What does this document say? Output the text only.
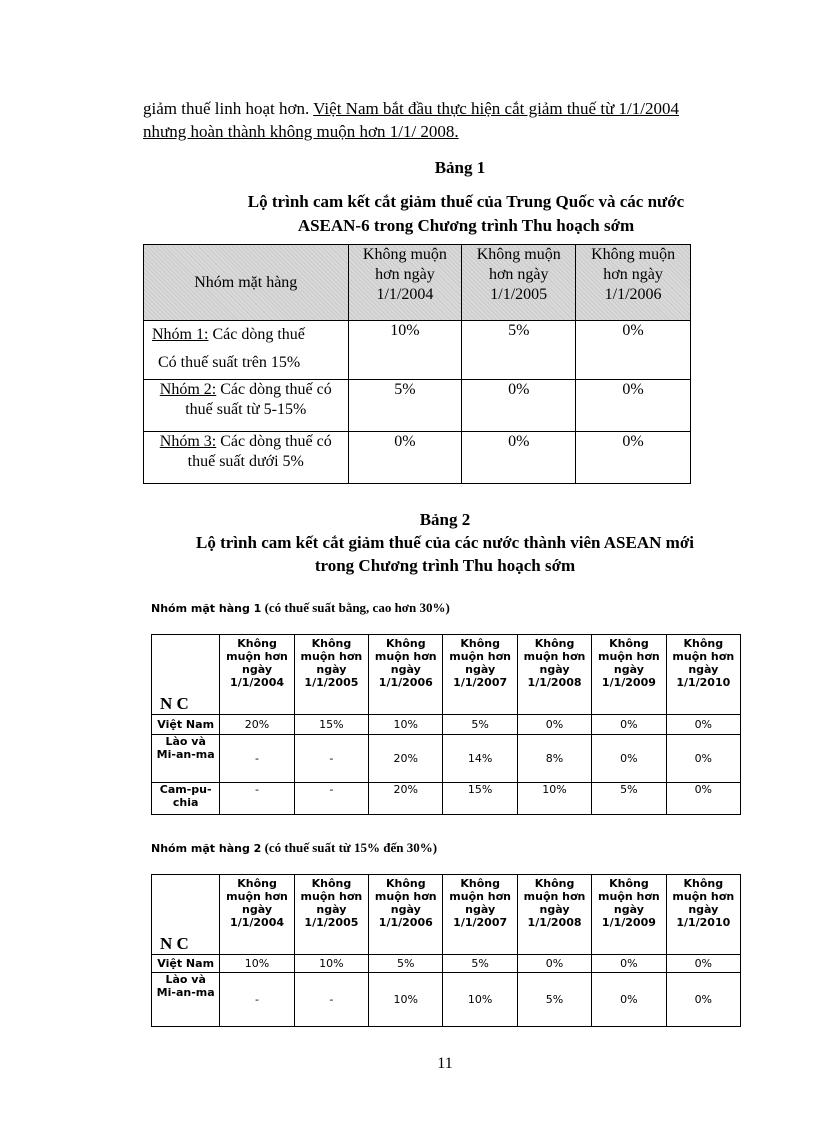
giảm thuế linh hoạt hơn. Việt Nam bắt đầu thực hiện cắt giảm thuế từ 1/1/2004
nhưng hoàn thành không muộn hơn 1/1/ 2008.
Bảng 1
Lộ trình cam kết cắt giảm thuế của Trung Quốc và các nước
ASEAN-6 trong Chương trình Thu hoạch sớm
Nhóm mặt hàng	Không muộn
hơn ngày
1/1/2004	Không muộn
hơn ngày
1/1/2005	Không muộn
hơn ngày
1/1/2006
Nhóm 1: Các dòng thuế
Có thuế suất trên 15%	10%	5%	0%
Nhóm 2: Các dòng thuế có
thuế suất từ 5-15%	5%	0%	0%
Nhóm 3: Các dòng thuế có
thuế suất dưới 5%	0%	0%	0%
Bảng 2
Lộ trình cam kết cắt giảm thuế của các nước thành viên ASEAN mới
trong Chương trình Thu hoạch sớm
Nhóm mặt hàng 1 (có thuế suất bằng, cao hơn 30%)
N C	Không
muộn hơn
ngày
1/1/2004	Không
muộn hơn
ngày
1/1/2005	Không
muộn hơn
ngày
1/1/2006	Không
muộn hơn
ngày
1/1/2007	Không
muộn hơn
ngày
1/1/2008	Không
muộn hơn
ngày
1/1/2009	Không
muộn hơn
ngày
1/1/2010
Việt Nam	20%	15%	10%	5%	0%	0%	0%
Lào và
Mi-an-ma	-	-	20%	14%	8%	0%	0%
Cam-pu-
chia	-	-	20%	15%	10%	5%	0%
Nhóm mặt hàng 2 (có thuế suất từ 15% đến 30%)
N C	Không
muộn hơn
ngày
1/1/2004	Không
muộn hơn
ngày
1/1/2005	Không
muộn hơn
ngày
1/1/2006	Không
muộn hơn
ngày
1/1/2007	Không
muộn hơn
ngày
1/1/2008	Không
muộn hơn
ngày
1/1/2009	Không
muộn hơn
ngày
1/1/2010
Việt Nam	10%	10%	5%	5%	0%	0%	0%
Lào và
Mi-an-ma	-	-	10%	10%	5%	0%	0%
11
